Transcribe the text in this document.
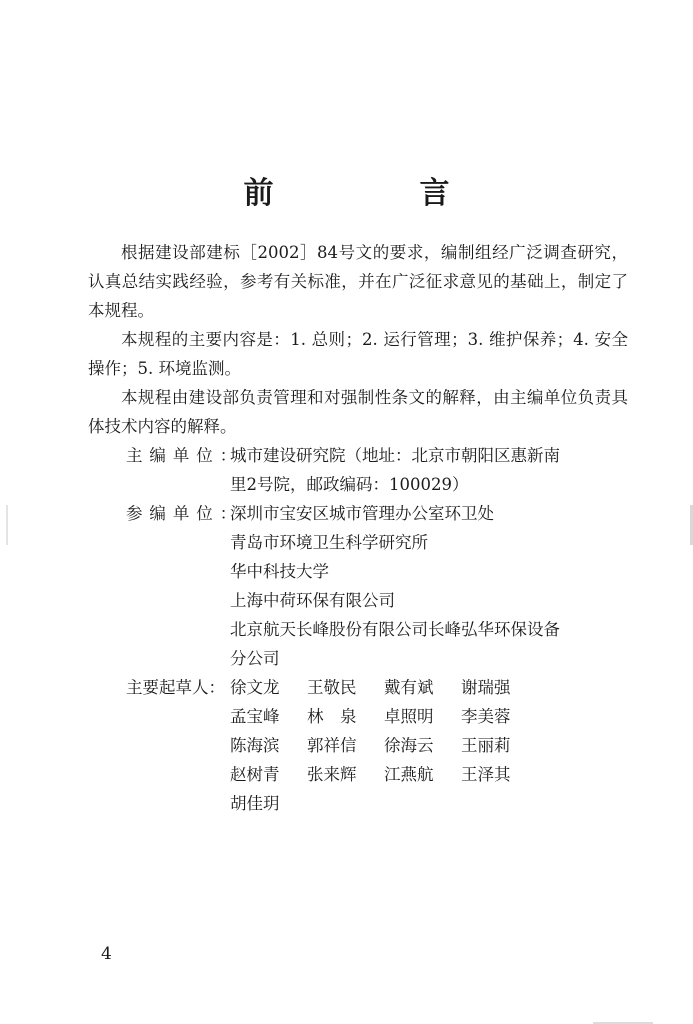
前　言

根据建设部建标［2002］84号文的要求，编制组经广泛调查研究，认真总结实践经验，参考有关标准，并在广泛征求意见的基础上，制定了本规程。

本规程的主要内容是：1. 总则；2. 运行管理；3. 维护保养；4. 安全操作；5. 环境监测。

本规程由建设部负责管理和对强制性条文的解释，由主编单位负责具体技术内容的解释。

主编单位：
城市建设研究院（地址：北京市朝阳区惠新南
里2号院，邮政编码：100029）
参编单位：
深圳市宝安区城市管理办公室环卫处
青岛市环境卫生科学研究所
华中科技大学
上海中荷环保有限公司
北京航天长峰股份有限公司长峰弘华环保设备
分公司
主要起草人： 徐文龙	王敬民	戴有斌	谢瑞强
孟宝峰	林　泉	卓照明	李美蓉
陈海滨	郭祥信	徐海云	王丽莉
赵树青	张来辉	江燕航	王泽其
胡佳玥
4
